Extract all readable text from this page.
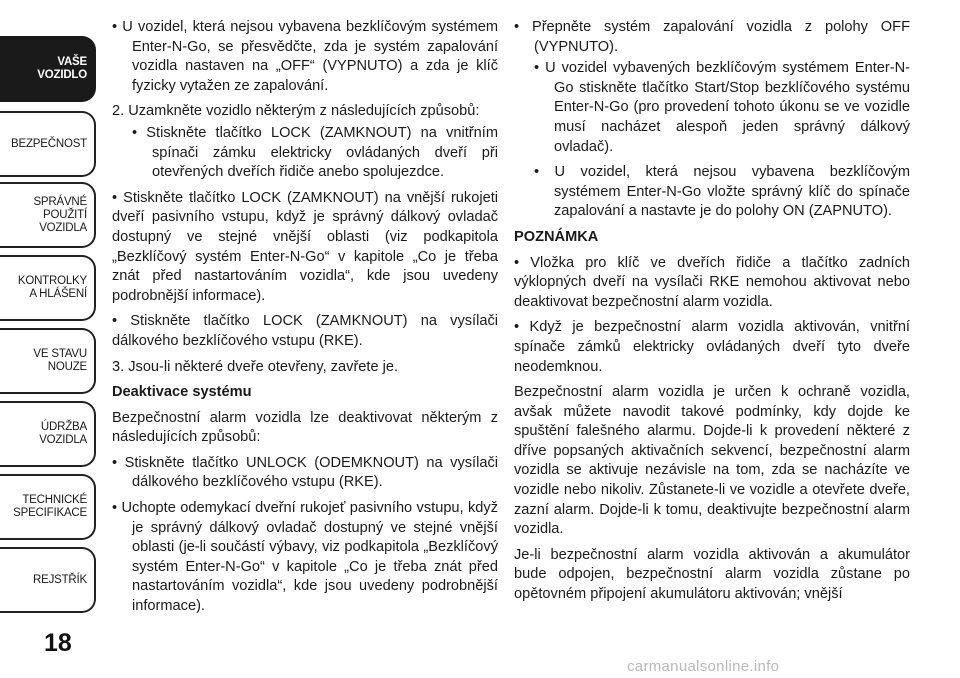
VAŠE
VOZIDLO
BEZPEČNOST
SPRÁVNÉ
POUŽITÍ
VOZIDLA
KONTROLKY
A HLÁŠENÍ
VE STAVU
NOUZE
ÚDRŽBA
VOZIDLA
TECHNICKÉ
SPECIFIKACE
REJSTŘÍK
18

• U vozidel, která nejsou vybavena bezklíčovým systémem Enter-N-Go, se přesvědčte, zda je systém zapalování vozidla nastaven na „OFF“ (VYPNUTO) a zda je klíč fyzicky vytažen ze zapalování.

2. Uzamkněte vozidlo některým z následujících způsobů:

• Stiskněte tlačítko LOCK (ZAMKNOUT) na vnitřním spínači zámku elektricky ovládaných dveří při otevřených dveřích řidiče anebo spolujezdce.

• Stiskněte tlačítko LOCK (ZAMKNOUT) na vnější rukojeti dveří pasivního vstupu, když je správný dálkový ovladač dostupný ve stejné vnější oblasti (viz podkapitola „Bezklíčový systém Enter-N-Go“ v kapitole „Co je třeba znát před nastartováním vozidla“, kde jsou uvedeny podrobnější informace).

• Stiskněte tlačítko LOCK (ZAMKNOUT) na vysílači dálkového bezklíčového vstupu (RKE).

3. Jsou-li některé dveře otevřeny, zavřete je.

Deaktivace systému

Bezpečnostní alarm vozidla lze deaktivovat některým z následujících způsobů:

• Stiskněte tlačítko UNLOCK (ODEMKNOUT) na vysílači dálkového bezklíčového vstupu (RKE).

• Uchopte odemykací dveřní rukojeť pasivního vstupu, když je správný dálkový ovladač dostupný ve stejné vnější oblasti (je-li součástí výbavy, viz podkapitola „Bezklíčový systém Enter-N-Go“ v kapitole „Co je třeba znát před nastartováním vozidla“, kde jsou uvedeny podrobnější informace).

• Přepněte systém zapalování vozidla z polohy OFF (VYPNUTO).

• U vozidel vybavených bezklíčovým systémem Enter-N-Go stiskněte tlačítko Start/Stop bezklíčového systému Enter-N-Go (pro provedení tohoto úkonu se ve vozidle musí nacházet alespoň jeden správný dálkový ovladač).

• U vozidel, která nejsou vybavena bezklíčovým systémem Enter-N-Go vložte správný klíč do spínače zapalování a nastavte je do polohy ON (ZAPNUTO).

POZNÁMKA

• Vložka pro klíč ve dveřích řidiče a tlačítko zadních výklopných dveří na vysílači RKE nemohou aktivovat nebo deaktivovat bezpečnostní alarm vozidla.

• Když je bezpečnostní alarm vozidla aktivován, vnitřní spínače zámků elektricky ovládaných dveří tyto dveře neodemknou.

Bezpečnostní alarm vozidla je určen k ochraně vozidla, avšak můžete navodit takové podmínky, kdy dojde ke spuštění falešného alarmu. Dojde-li k provedení některé z dříve popsaných aktivačních sekvencí, bezpečnostní alarm vozidla se aktivuje nezávisle na tom, zda se nacházíte ve vozidle nebo nikoliv. Zůstanete-li ve vozidle a otevřete dveře, zazní alarm. Dojde-li k tomu, deaktivujte bezpečnostní alarm vozidla.

Je-li bezpečnostní alarm vozidla aktivován a akumulátor bude odpojen, bezpečnostní alarm vozidla zůstane po opětovném připojení akumulátoru aktivován; vnější

carmanualsonline.info
